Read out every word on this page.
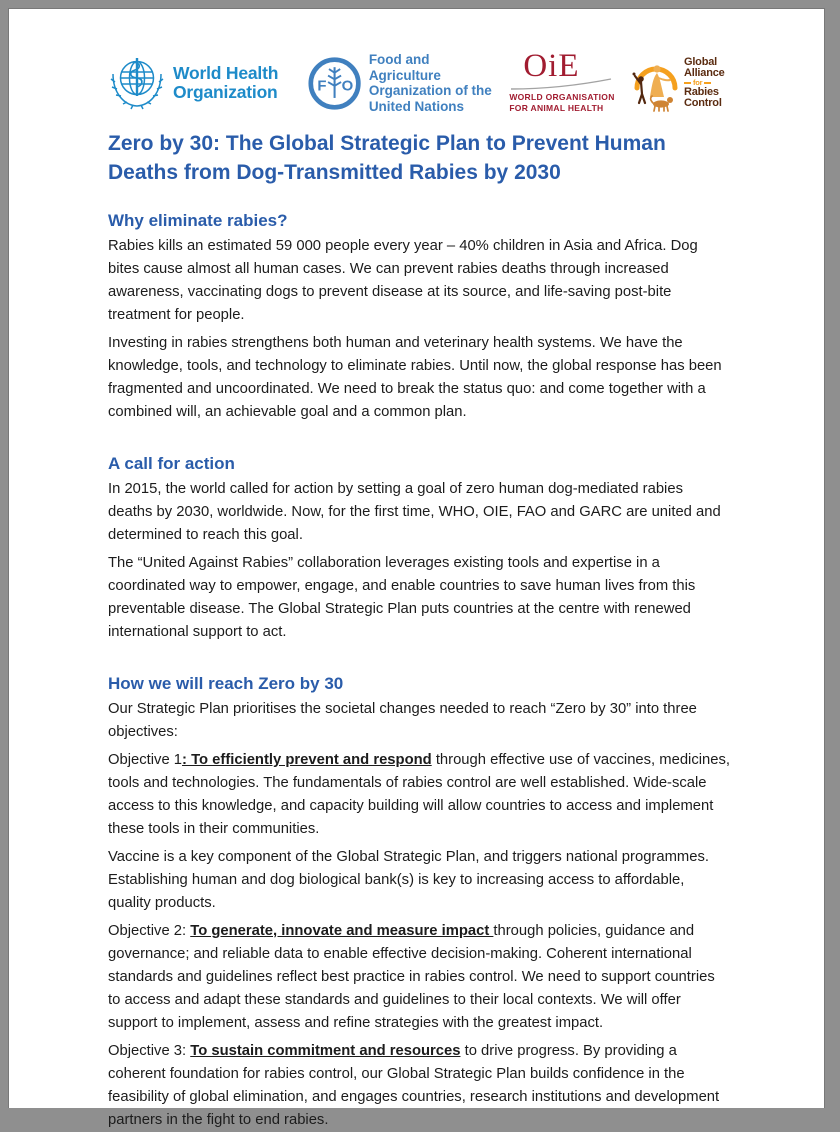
World Health
Organization F O
Food and Agriculture
Organization of the
United Nations
OiE
WORLD ORGANISATION
FOR ANIMAL HEALTH
Global
Alliance
for
Rabies
Control
Zero by 30: The Global Strategic Plan to Prevent Human Deaths from Dog-Transmitted Rabies by 2030
Why eliminate rabies?

Rabies kills an estimated 59 000 people every year – 40% children in Asia and Africa. Dog bites cause almost all human cases. We can prevent rabies deaths through increased awareness, vaccinating dogs to prevent disease at its source, and life-saving post-bite treatment for people.

Investing in rabies strengthens both human and veterinary health systems. We have the knowledge, tools, and technology to eliminate rabies. Until now, the global response has been fragmented and uncoordinated. We need to break the status quo: and come together with a combined will, an achievable goal and a common plan.

A call for action

In 2015, the world called for action by setting a goal of zero human dog-mediated rabies deaths by 2030, worldwide. Now, for the first time, WHO, OIE, FAO and GARC are united and determined to reach this goal.

The “United Against Rabies” collaboration leverages existing tools and expertise in a coordinated way to empower, engage, and enable countries to save human lives from this preventable disease. The Global Strategic Plan puts countries at the centre with renewed international support to act.

How we will reach Zero by 30

Our Strategic Plan prioritises the societal changes needed to reach “Zero by 30” into three objectives:

Objective 1: To efficiently prevent and respond through effective use of vaccines, medicines, tools and technologies. The fundamentals of rabies control are well established. Wide-scale access to this knowledge, and capacity building will allow countries to access and implement these tools in their communities.

Vaccine is a key component of the Global Strategic Plan, and triggers national programmes. Establishing human and dog biological bank(s) is key to increasing access to affordable, quality products.

Objective 2: To generate, innovate and measure impact through policies, guidance and governance; and reliable data to enable effective decision-making. Coherent international standards and guidelines reflect best practice in rabies control. We need to support countries to access and adapt these standards and guidelines to their local contexts. We will offer support to implement, assess and refine strategies with the greatest impact.

Objective 3: To sustain commitment and resources to drive progress. By providing a coherent foundation for rabies control, our Global Strategic Plan builds confidence in the feasibility of global elimination, and engages countries, research institutions and development partners in the fight to end rabies.
